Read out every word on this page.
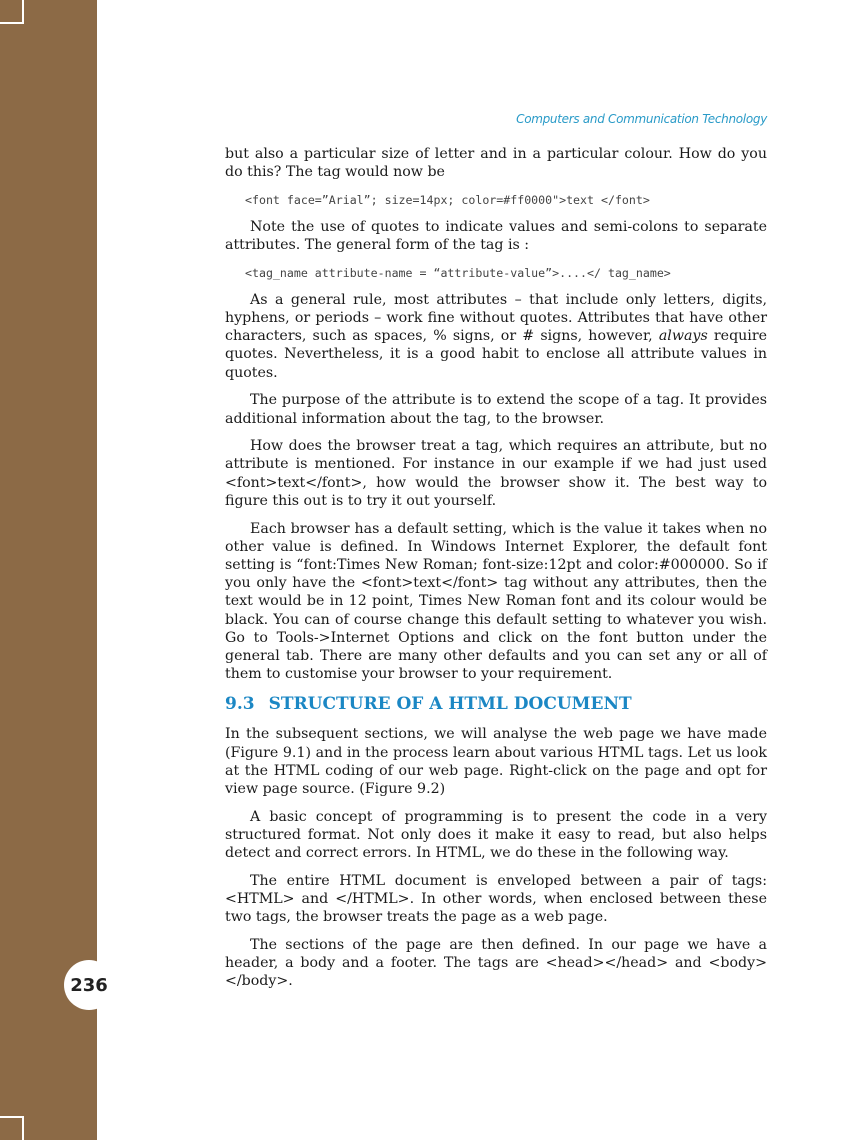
236
Computers and Communication Technology

but also a particular size of letter and in a particular colour. How do you do this? The tag would now be

<font face=”Arial”; size=14px; color=#ff0000">text </font>

Note the use of quotes to indicate values and semi-colons to separate attributes. The general form of the tag is :

<tag_name attribute-name = “attribute-value”>....</ tag_name>

As a general rule, most attributes – that include only letters, digits, hyphens, or periods – work fine without quotes. Attributes that have other characters, such as spaces, % signs, or # signs, however, always require quotes. Nevertheless, it is a good habit to enclose all attribute values in quotes.

The purpose of the attribute is to extend the scope of a tag. It provides additional information about the tag, to the browser.

How does the browser treat a tag, which requires an attribute, but no attribute is mentioned. For instance in our example if we had just used <font>text</font>, how would the browser show it. The best way to figure this out is to try it out yourself.

Each browser has a default setting, which is the value it takes when no other value is defined. In Windows Internet Explorer, the default font setting is “font:Times New Roman; font-size:12pt and color:#000000. So if you only have the <font>text</font> tag without any attributes, then the text would be in 12 point, Times New Roman font and its colour would be black. You can of course change this default setting to whatever you wish. Go to Tools->Internet Options and click on the font button under the general tab. There are many other defaults and you can set any or all of them to customise your browser to your requirement.

9.3 STRUCTURE OF A HTML DOCUMENT

In the subsequent sections, we will analyse the web page we have made (Figure 9.1) and in the process learn about various HTML tags. Let us look at the HTML coding of our web page. Right-click on the page and opt for view page source. (Figure 9.2)

A basic concept of programming is to present the code in a very structured format. Not only does it make it easy to read, but also helps detect and correct errors. In HTML, we do these in the following way.

The entire HTML document is enveloped between a pair of tags: <HTML> and </HTML>. In other words, when enclosed between these two tags, the browser treats the page as a web page.

The sections of the page are then defined. In our page we have a header, a body and a footer. The tags are <head></head> and <body></body>.
